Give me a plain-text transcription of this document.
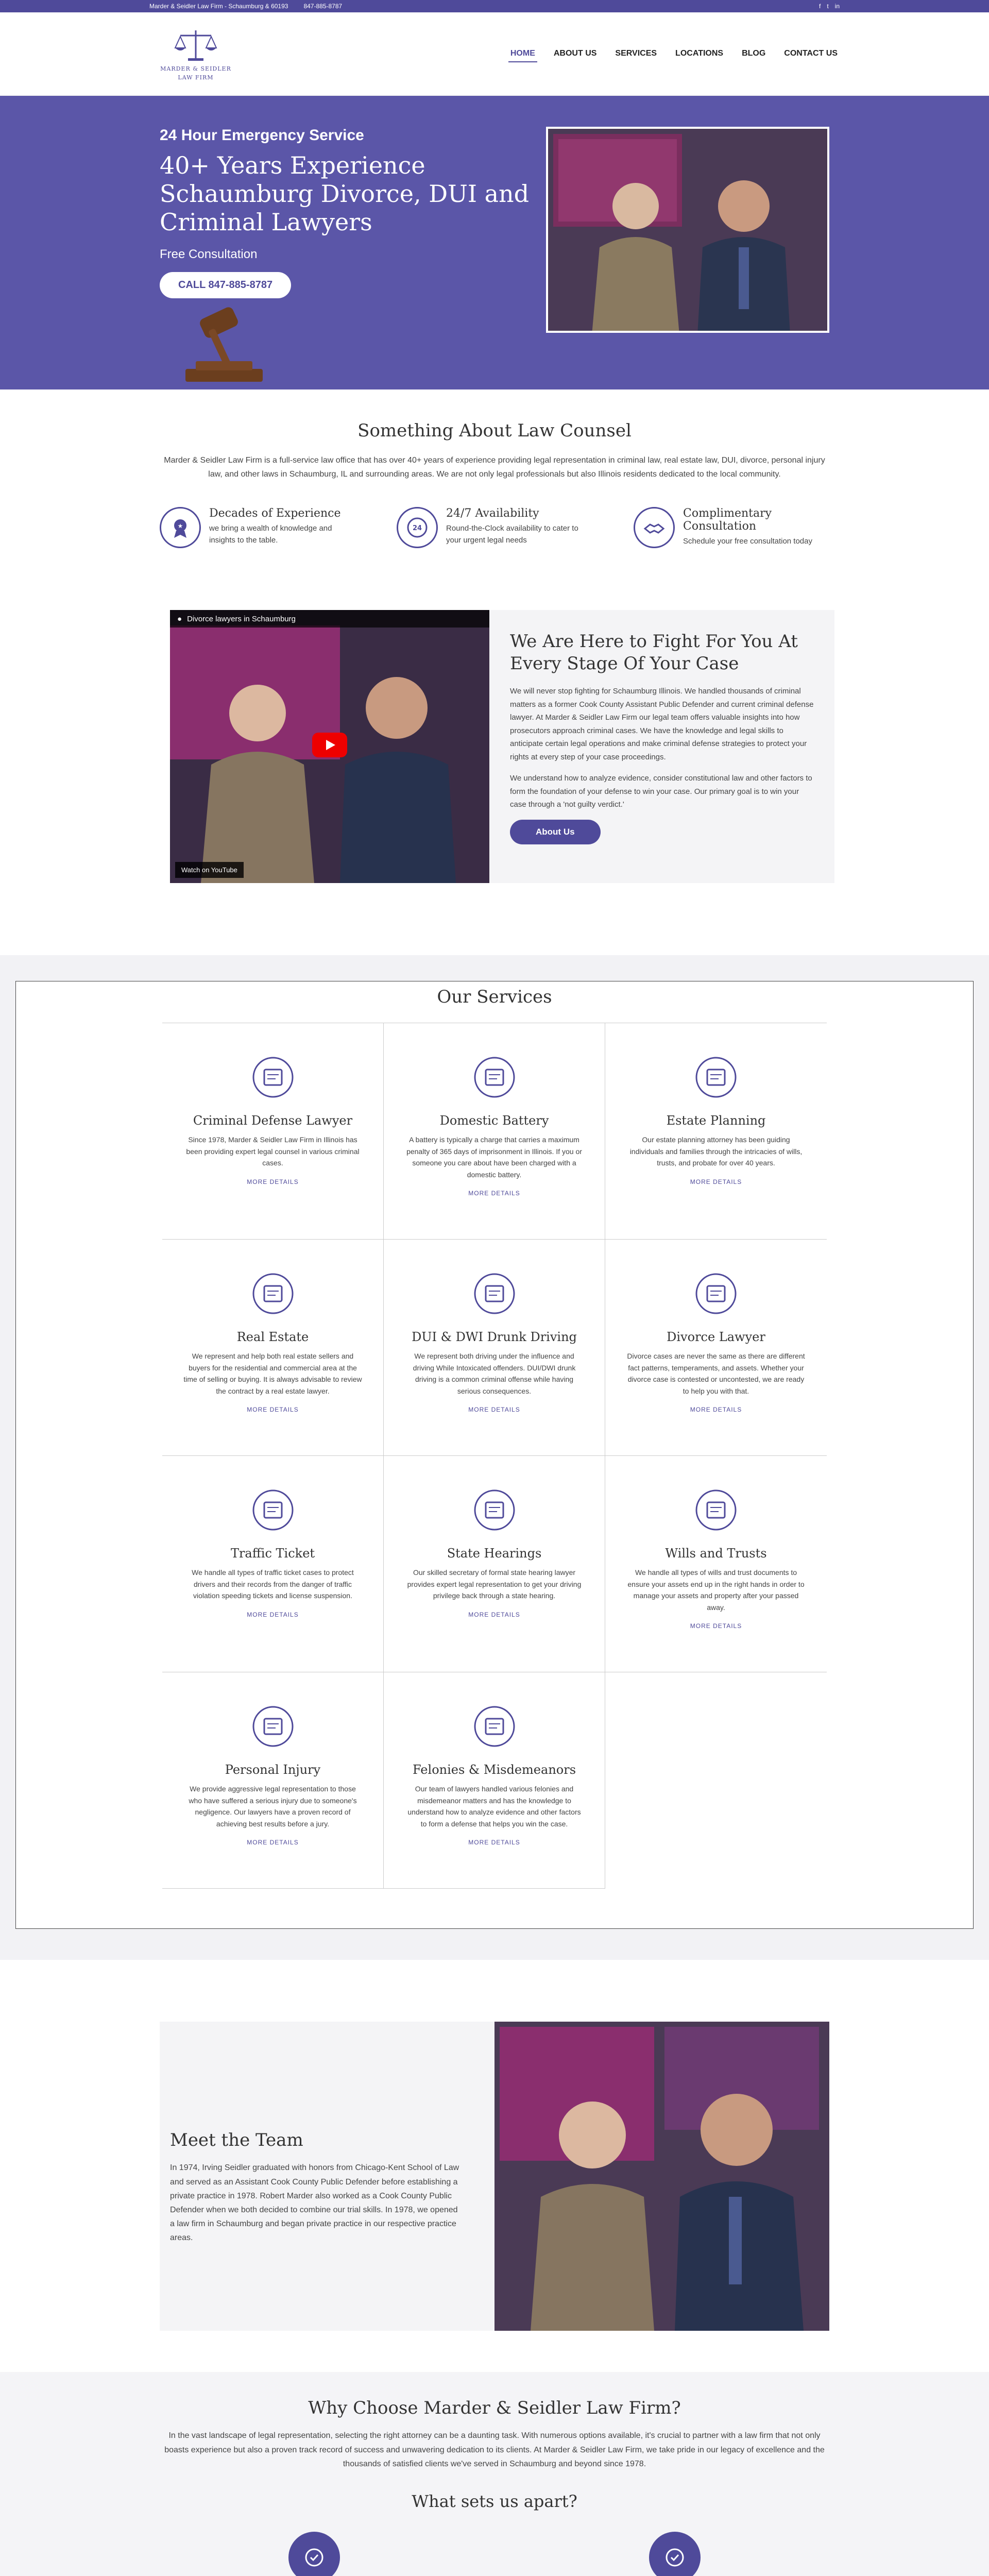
Marder & Seidler Law Firm - Schaumburg & 60193	847-885-8787	f t in
MARDER & SEIDLER
LAW FIRM
HOME ABOUT US SERVICES LOCATIONS BLOG CONTACT US
24 Hour Emergency Service
40+ Years Experience Schaumburg Divorce, DUI and Criminal Lawyers
Free Consultation
CALL 847-885-8787
Something About Law Counsel

Marder & Seidler Law Firm is a full-service law office that has over 40+ years of experience providing legal representation in criminal law, real estate law, DUI, divorce, personal injury law, and other laws in Schaumburg, IL and surrounding areas. We are not only legal professionals but also Illinois residents dedicated to the local community.

★
Decades of Experience

we bring a wealth of knowledge and insights to the table.

24
24/7 Availability

Round-the-Clock availability to cater to your urgent legal needs

Complimentary Consultation

Schedule your free consultation today

● Divorce lawyers in Schaumburg
Watch on YouTube
We Are Here to Fight For You At Every Stage Of Your Case

We will never stop fighting for Schaumburg Illinois. We handled thousands of criminal matters as a former Cook County Assistant Public Defender and current criminal defense lawyer. At Marder & Seidler Law Firm our legal team offers valuable insights into how prosecutors approach criminal cases. We have the knowledge and legal skills to anticipate certain legal operations and make criminal defense strategies to protect your rights at every step of your case proceedings.

We understand how to analyze evidence, consider constitutional law and other factors to form the foundation of your defense to win your case. Our primary goal is to win your case through a 'not guilty verdict.'

About Us
Our Services
Criminal Defense Lawyer

Since 1978, Marder & Seidler Law Firm in Illinois has been providing expert legal counsel in various criminal cases.

MORE DETAILS
Domestic Battery

A battery is typically a charge that carries a maximum penalty of 365 days of imprisonment in Illinois. If you or someone you care about have been charged with a domestic battery.

MORE DETAILS
Estate Planning

Our estate planning attorney has been guiding individuals and families through the intricacies of wills, trusts, and probate for over 40 years.

MORE DETAILS
Real Estate

We represent and help both real estate sellers and buyers for the residential and commercial area at the time of selling or buying. It is always advisable to review the contract by a real estate lawyer.

MORE DETAILS
DUI & DWI Drunk Driving

We represent both driving under the influence and driving While Intoxicated offenders. DUI/DWI drunk driving is a common criminal offense while having serious consequences.

MORE DETAILS
Divorce Lawyer

Divorce cases are never the same as there are different fact patterns, temperaments, and assets. Whether your divorce case is contested or uncontested, we are ready to help you with that.

MORE DETAILS
Traffic Ticket

We handle all types of traffic ticket cases to protect drivers and their records from the danger of traffic violation speeding tickets and license suspension.

MORE DETAILS
State Hearings

Our skilled secretary of formal state hearing lawyer provides expert legal representation to get your driving privilege back through a state hearing.

MORE DETAILS
Wills and Trusts

We handle all types of wills and trust documents to ensure your assets end up in the right hands in order to manage your assets and property after your passed away.

MORE DETAILS
Personal Injury

We provide aggressive legal representation to those who have suffered a serious injury due to someone's negligence. Our lawyers have a proven record of achieving best results before a jury.

MORE DETAILS
Felonies & Misdemeanors

Our team of lawyers handled various felonies and misdemeanor matters and has the knowledge to understand how to analyze evidence and other factors to form a defense that helps you win the case.

MORE DETAILS
Meet the Team

In 1974, Irving Seidler graduated with honors from Chicago-Kent School of Law and served as an Assistant Cook County Public Defender before establishing a private practice in 1978. Robert Marder also worked as a Cook County Public Defender when we both decided to combine our trial skills. In 1978, we opened a law firm in Schaumburg and began private practice in our respective practice areas.

Why Choose Marder & Seidler Law Firm?

In the vast landscape of legal representation, selecting the right attorney can be a daunting task. With numerous options available, it's crucial to partner with a law firm that not only boasts experience but also a proven track record of success and unwavering dedication to its clients. At Marder & Seidler Law Firm, we take pride in our legacy of excellence and the thousands of satisfied clients we've served in Schaumburg and beyond since 1978.

What sets us apart?
